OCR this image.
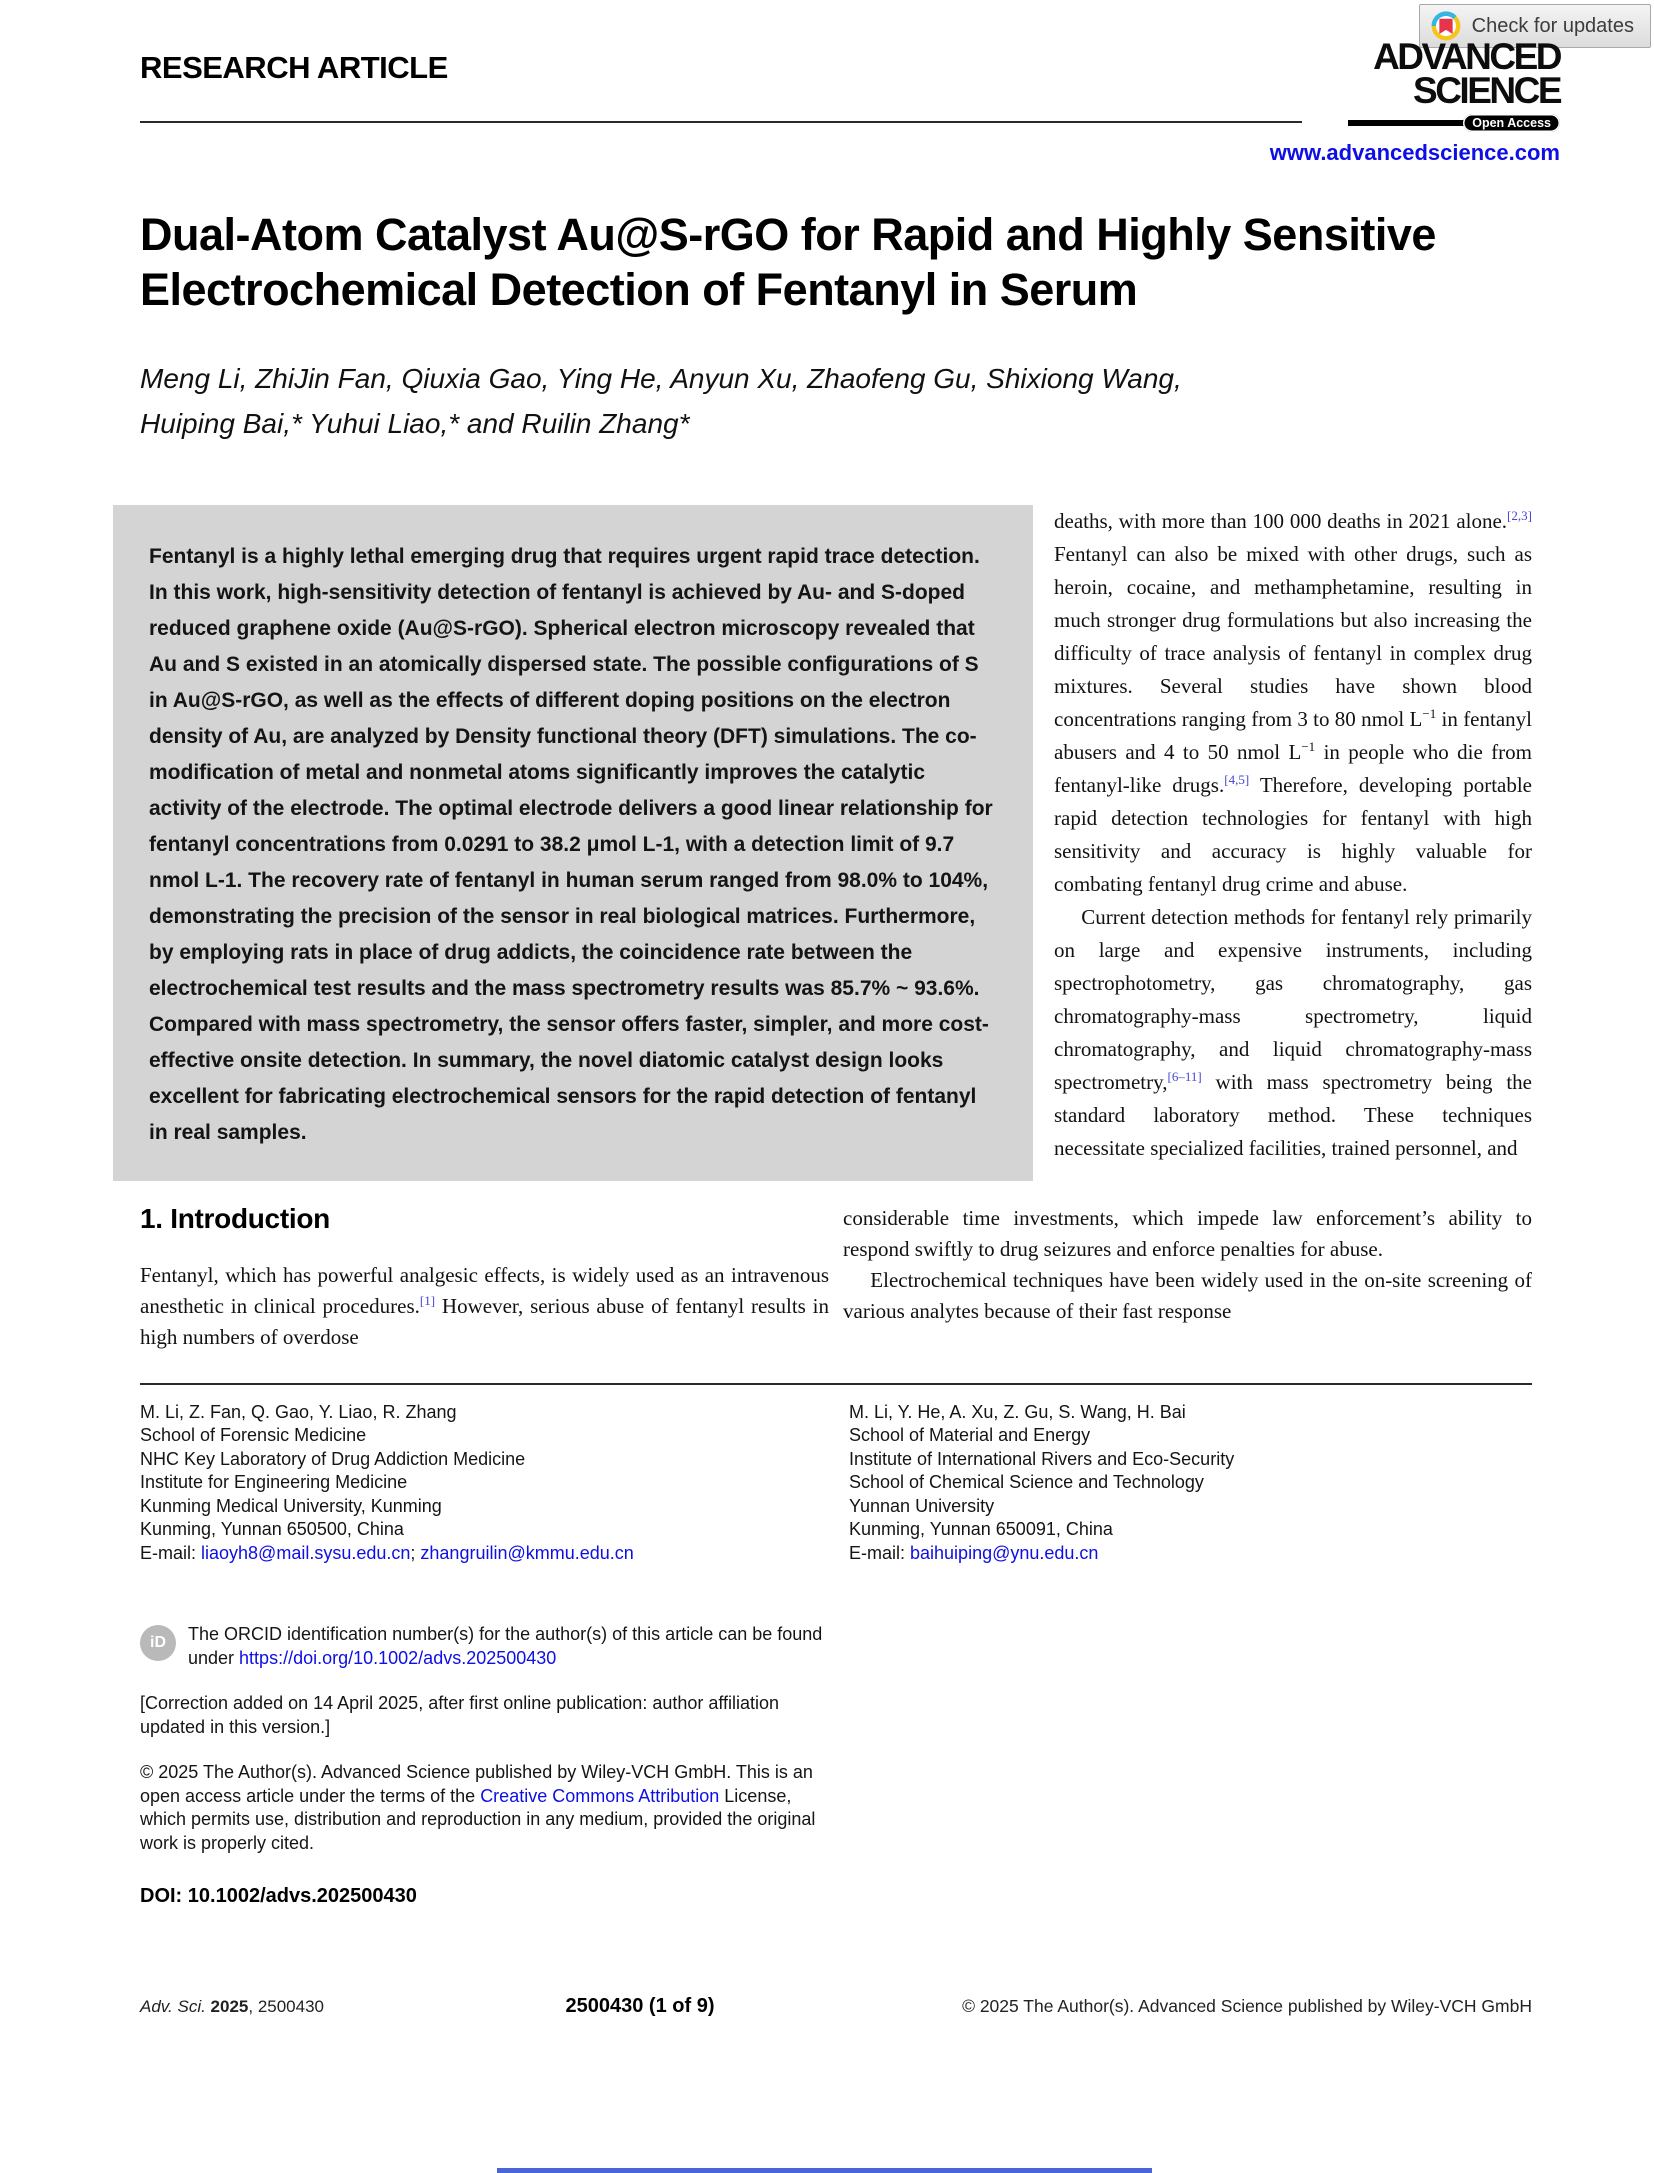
RESEARCH ARTICLE
Check for updates
ADVANCED
SCIENCE
Open Access
www.advancedscience.com
Dual-Atom Catalyst Au@S-rGO for Rapid and Highly Sensitive Electrochemical Detection of Fentanyl in Serum
Meng Li, ZhiJin Fan, Qiuxia Gao, Ying He, Anyun Xu, Zhaofeng Gu, Shixiong Wang, Huiping Bai,* Yuhui Liao,* and Ruilin Zhang*
Fentanyl is a highly lethal emerging drug that requires urgent rapid trace detection. In this work, high-sensitivity detection of fentanyl is achieved by Au- and S-doped reduced graphene oxide (Au@S-rGO). Spherical electron microscopy revealed that Au and S existed in an atomically dispersed state. The possible configurations of S in Au@S-rGO, as well as the effects of different doping positions on the electron density of Au, are analyzed by Density functional theory (DFT) simulations. The co-modification of metal and nonmetal atoms significantly improves the catalytic activity of the electrode. The optimal electrode delivers a good linear relationship for fentanyl concentrations from 0.0291 to 38.2 μmol L-1, with a detection limit of 9.7 nmol L-1. The recovery rate of fentanyl in human serum ranged from 98.0% to 104%, demonstrating the precision of the sensor in real biological matrices. Furthermore, by employing rats in place of drug addicts, the coincidence rate between the electrochemical test results and the mass spectrometry results was 85.7% ~ 93.6%. Compared with mass spectrometry, the sensor offers faster, simpler, and more cost-effective onsite detection. In summary, the novel diatomic catalyst design looks excellent for fabricating electrochemical sensors for the rapid detection of fentanyl in real samples.

deaths, with more than 100 000 deaths in 2021 alone.[2,3] Fentanyl can also be mixed with other drugs, such as heroin, cocaine, and methamphetamine, resulting in much stronger drug formulations but also increasing the difficulty of trace analysis of fentanyl in complex drug mixtures. Several studies have shown blood concentrations ranging from 3 to 80 nmol $L^{-1}$ in fentanyl abusers and 4 to 50 nmol $L^{-1}$ in people who die from fentanyl-like drugs.[4,5] Therefore, developing portable rapid detection technologies for fentanyl with high sensitivity and accuracy is highly valuable for combating fentanyl drug crime and abuse.

Current detection methods for fentanyl rely primarily on large and expensive instruments, including spectrophotometry, gas chromatography, gas chromatography-mass spectrometry, liquid chromatography, and liquid chromatography-mass spectrometry,[6–11] with mass spectrometry being the standard laboratory method. These techniques necessitate specialized facilities, trained personnel, and

1. Introduction

Fentanyl, which has powerful analgesic effects, is widely used as an intravenous anesthetic in clinical procedures.[1] However, serious abuse of fentanyl results in high numbers of overdose

considerable time investments, which impede law enforcement’s ability to respond swiftly to drug seizures and enforce penalties for abuse.

Electrochemical techniques have been widely used in the on-site screening of various analytes because of their fast response

M. Li, Z. Fan, Q. Gao, Y. Liao, R. Zhang
School of Forensic Medicine
NHC Key Laboratory of Drug Addiction Medicine
Institute for Engineering Medicine
Kunming Medical University, Kunming
Kunming, Yunnan 650500, China
E-mail: liaoyh8@mail.sysu.edu.cn; zhangruilin@kmmu.edu.cn
iD	The ORCID identification number(s) for the author(s) of this article can be found under https://doi.org/10.1002/advs.202500430
[Correction added on 14 April 2025, after first online publication: author affiliation updated in this version.]
© 2025 The Author(s). Advanced Science published by Wiley-VCH GmbH. This is an open access article under the terms of the Creative Commons Attribution License, which permits use, distribution and reproduction in any medium, provided the original work is properly cited.
DOI: 10.1002/advs.202500430
M. Li, Y. He, A. Xu, Z. Gu, S. Wang, H. Bai
School of Material and Energy
Institute of International Rivers and Eco-Security
School of Chemical Science and Technology
Yunnan University
Kunming, Yunnan 650091, China
E-mail: baihuiping@ynu.edu.cn
Adv. Sci. 2025, 2500430	2500430 (1 of 9)	© 2025 The Author(s). Advanced Science published by Wiley-VCH GmbH
